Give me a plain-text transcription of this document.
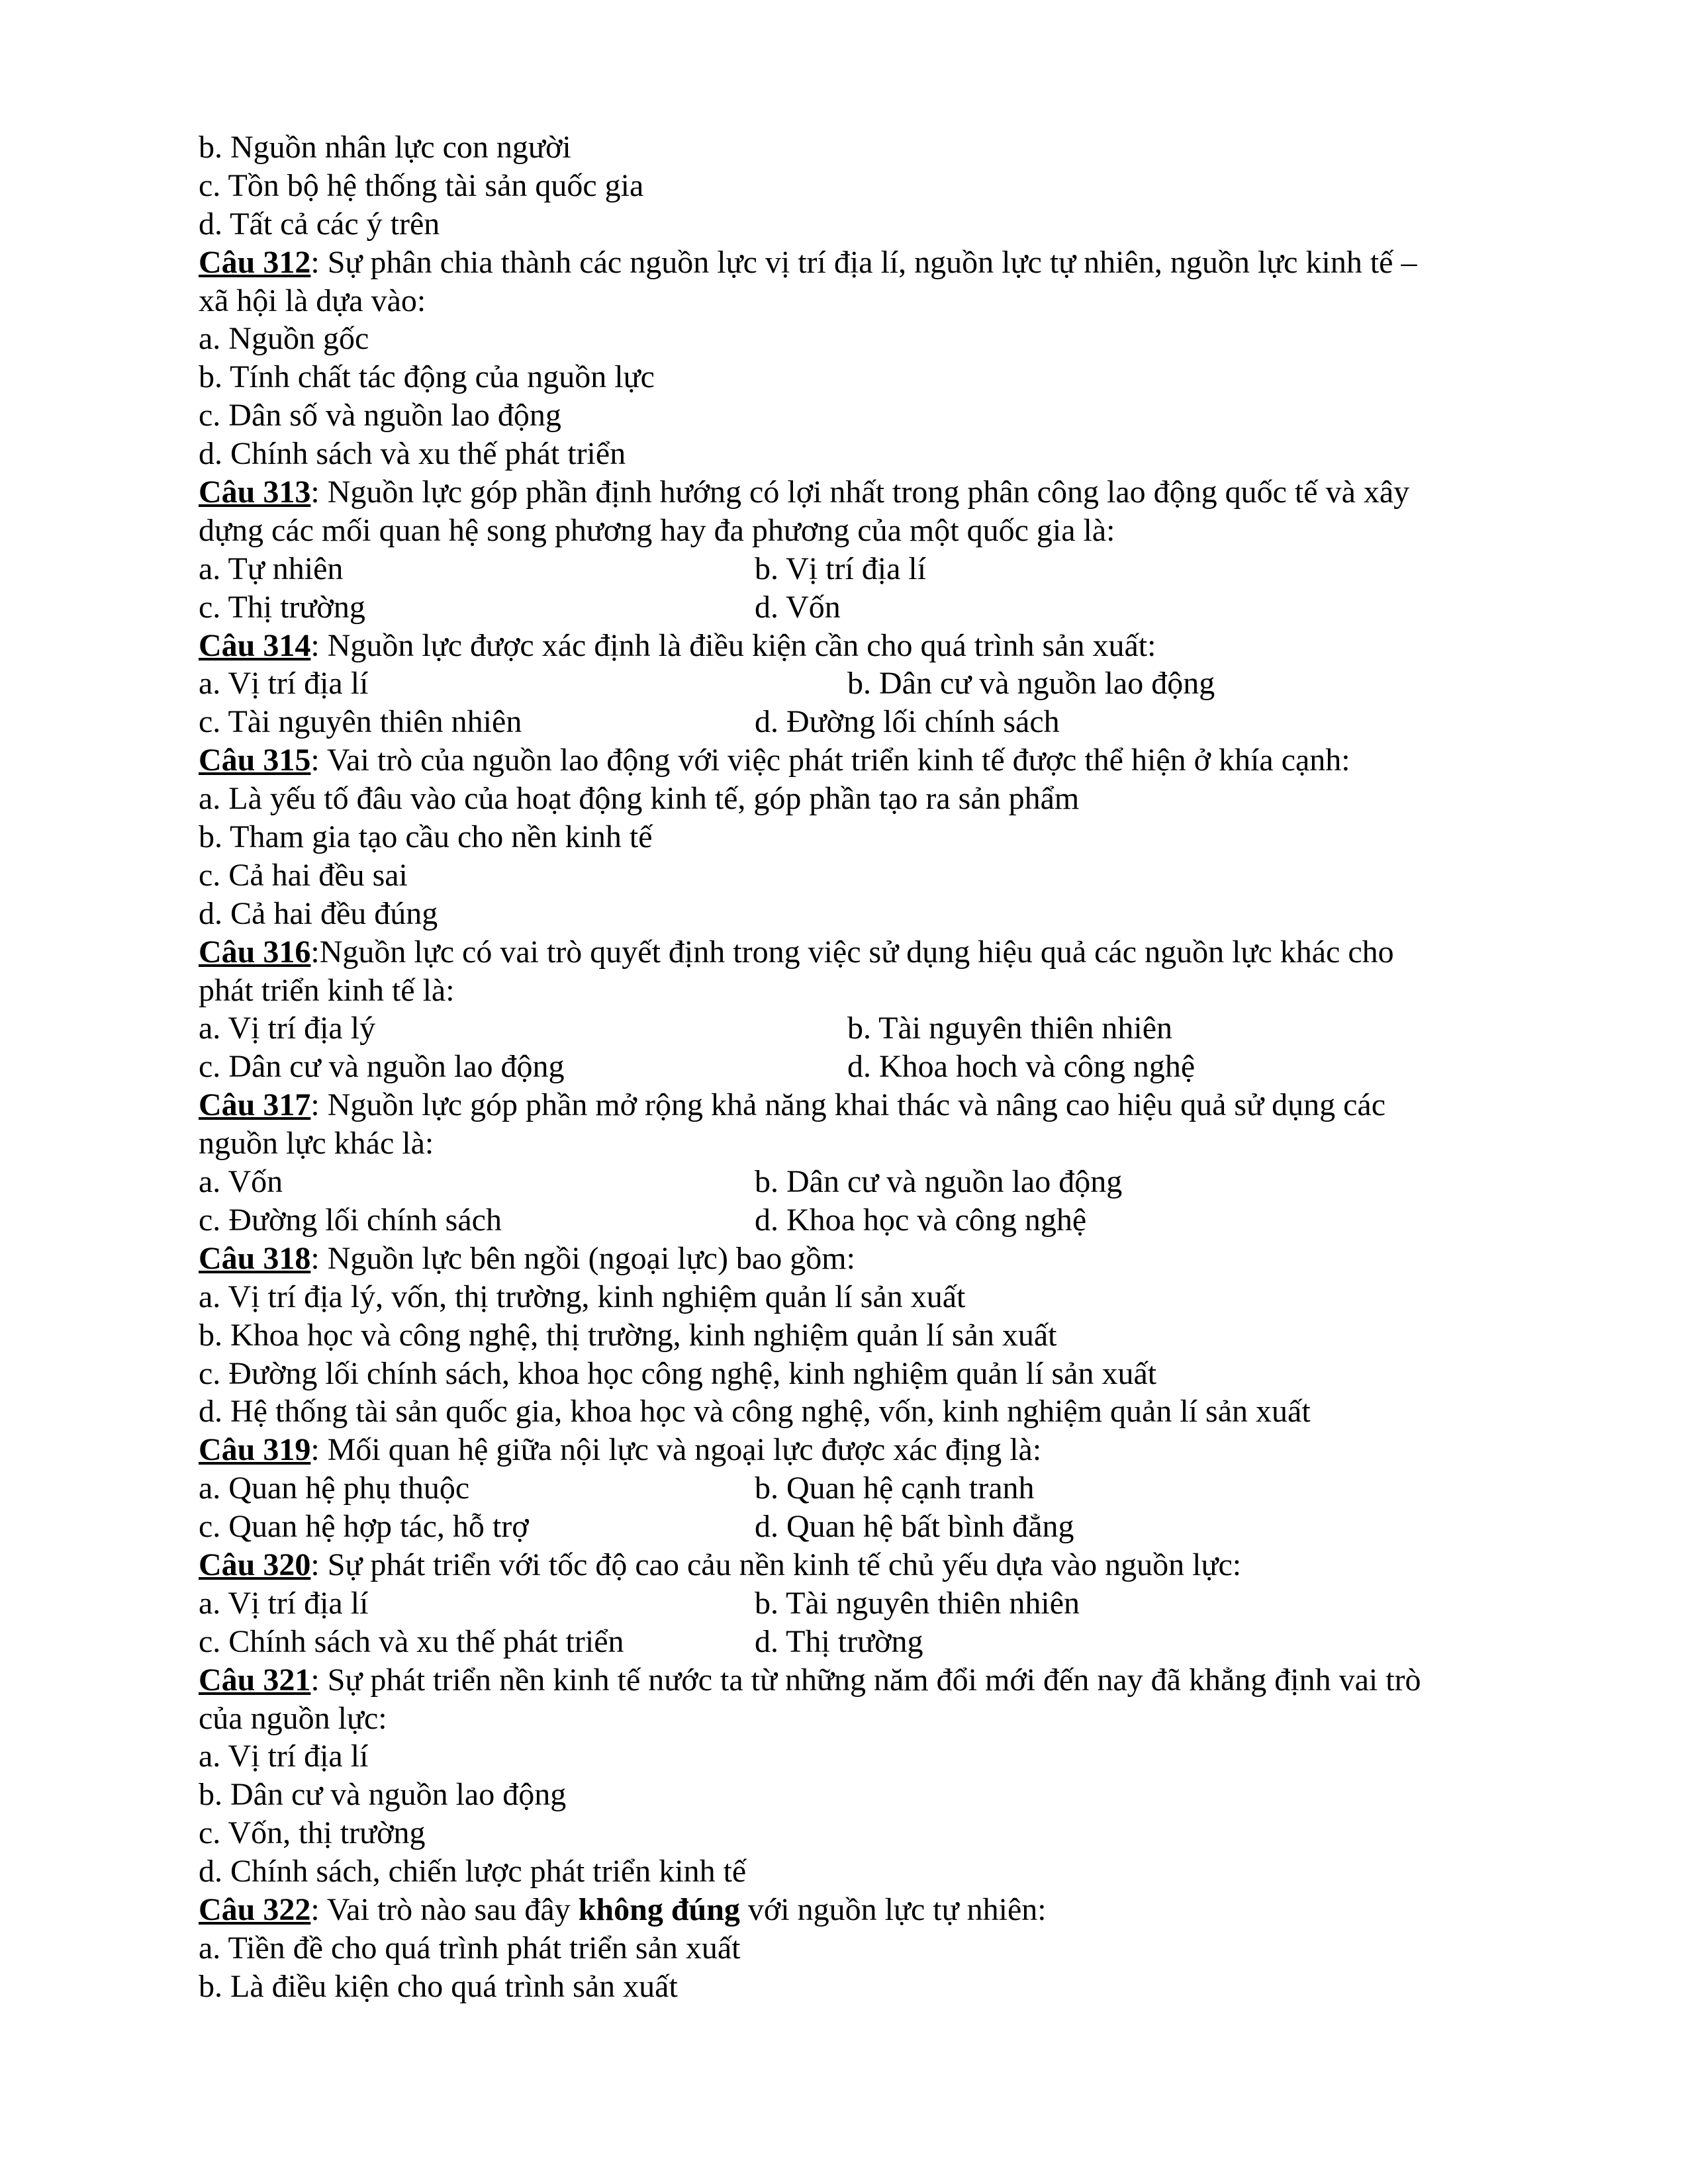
b. Nguồn nhân lực con người
c. Tồn bộ hệ thống tài sản quốc gia
d. Tất cả các ý trên
Câu 312: Sự phân chia thành các nguồn lực vị trí địa lí, nguồn lực tự nhiên, nguồn lực kinh tế –
xã hội là dựa vào:
a. Nguồn gốc
b. Tính chất tác động của nguồn lực
c. Dân số và nguồn lao động
d. Chính sách và xu thế phát triển
Câu 313: Nguồn lực góp phần định hướng có lợi nhất trong phân công lao động quốc tế và xây
dựng các mối quan hệ song phương hay đa phương của một quốc gia là:
a. Tự nhiên	b. Vị trí địa lí
c. Thị trường	d. Vốn
Câu 314: Nguồn lực được xác định là điều kiện cần cho quá trình sản xuất:
a. Vị trí địa lí	b. Dân cư và nguồn lao động
c. Tài nguyên thiên nhiên	d. Đường lối chính sách
Câu 315: Vai trò của nguồn lao động với việc phát triển kinh tế được thể hiện ở khía cạnh:
a. Là yếu tố đâu vào của hoạt động kinh tế, góp phần tạo ra sản phẩm
b. Tham gia tạo cầu cho nền kinh tế
c. Cả hai đều sai
d. Cả hai đều đúng
Câu 316:Nguồn lực có vai trò quyết định trong việc sử dụng hiệu quả các nguồn lực khác cho
phát triển kinh tế là:
a. Vị trí địa lý	b. Tài nguyên thiên nhiên
c. Dân cư và nguồn lao động	d. Khoa hoch và công nghệ
Câu 317: Nguồn lực góp phần mở rộng khả năng khai thác và nâng cao hiệu quả sử dụng các
nguồn lực khác là:
a. Vốn	b. Dân cư và nguồn lao động
c. Đường lối chính sách	d. Khoa học và công nghệ
Câu 318: Nguồn lực bên ngồi (ngoại lực) bao gồm:
a. Vị trí địa lý, vốn, thị trường, kinh nghiệm quản lí sản xuất
b. Khoa học và công nghệ, thị trường, kinh nghiệm quản lí sản xuất
c. Đường lối chính sách, khoa học công nghệ, kinh nghiệm quản lí sản xuất
d. Hệ thống tài sản quốc gia, khoa học và công nghệ, vốn, kinh nghiệm quản lí sản xuất
Câu 319: Mối quan hệ giữa nội lực và ngoại lực được xác địng là:
a. Quan hệ phụ thuộc	b. Quan hệ cạnh tranh
c. Quan hệ hợp tác, hỗ trợ	d. Quan hệ bất bình đẳng
Câu 320: Sự phát triển với tốc độ cao cảu nền kinh tế chủ yếu dựa vào nguồn lực:
a. Vị trí địa lí	b. Tài nguyên thiên nhiên
c. Chính sách và xu thế phát triển	d. Thị trường
Câu 321: Sự phát triển nền kinh tế nước ta từ những năm đổi mới đến nay đã khẳng định vai trò
của nguồn lực:
a. Vị trí địa lí
b. Dân cư và nguồn lao động
c. Vốn, thị trường
d. Chính sách, chiến lược phát triển kinh tế
Câu 322: Vai trò nào sau đây không đúng với nguồn lực tự nhiên:
a. Tiền đề cho quá trình phát triển sản xuất
b. Là điều kiện cho quá trình sản xuất
